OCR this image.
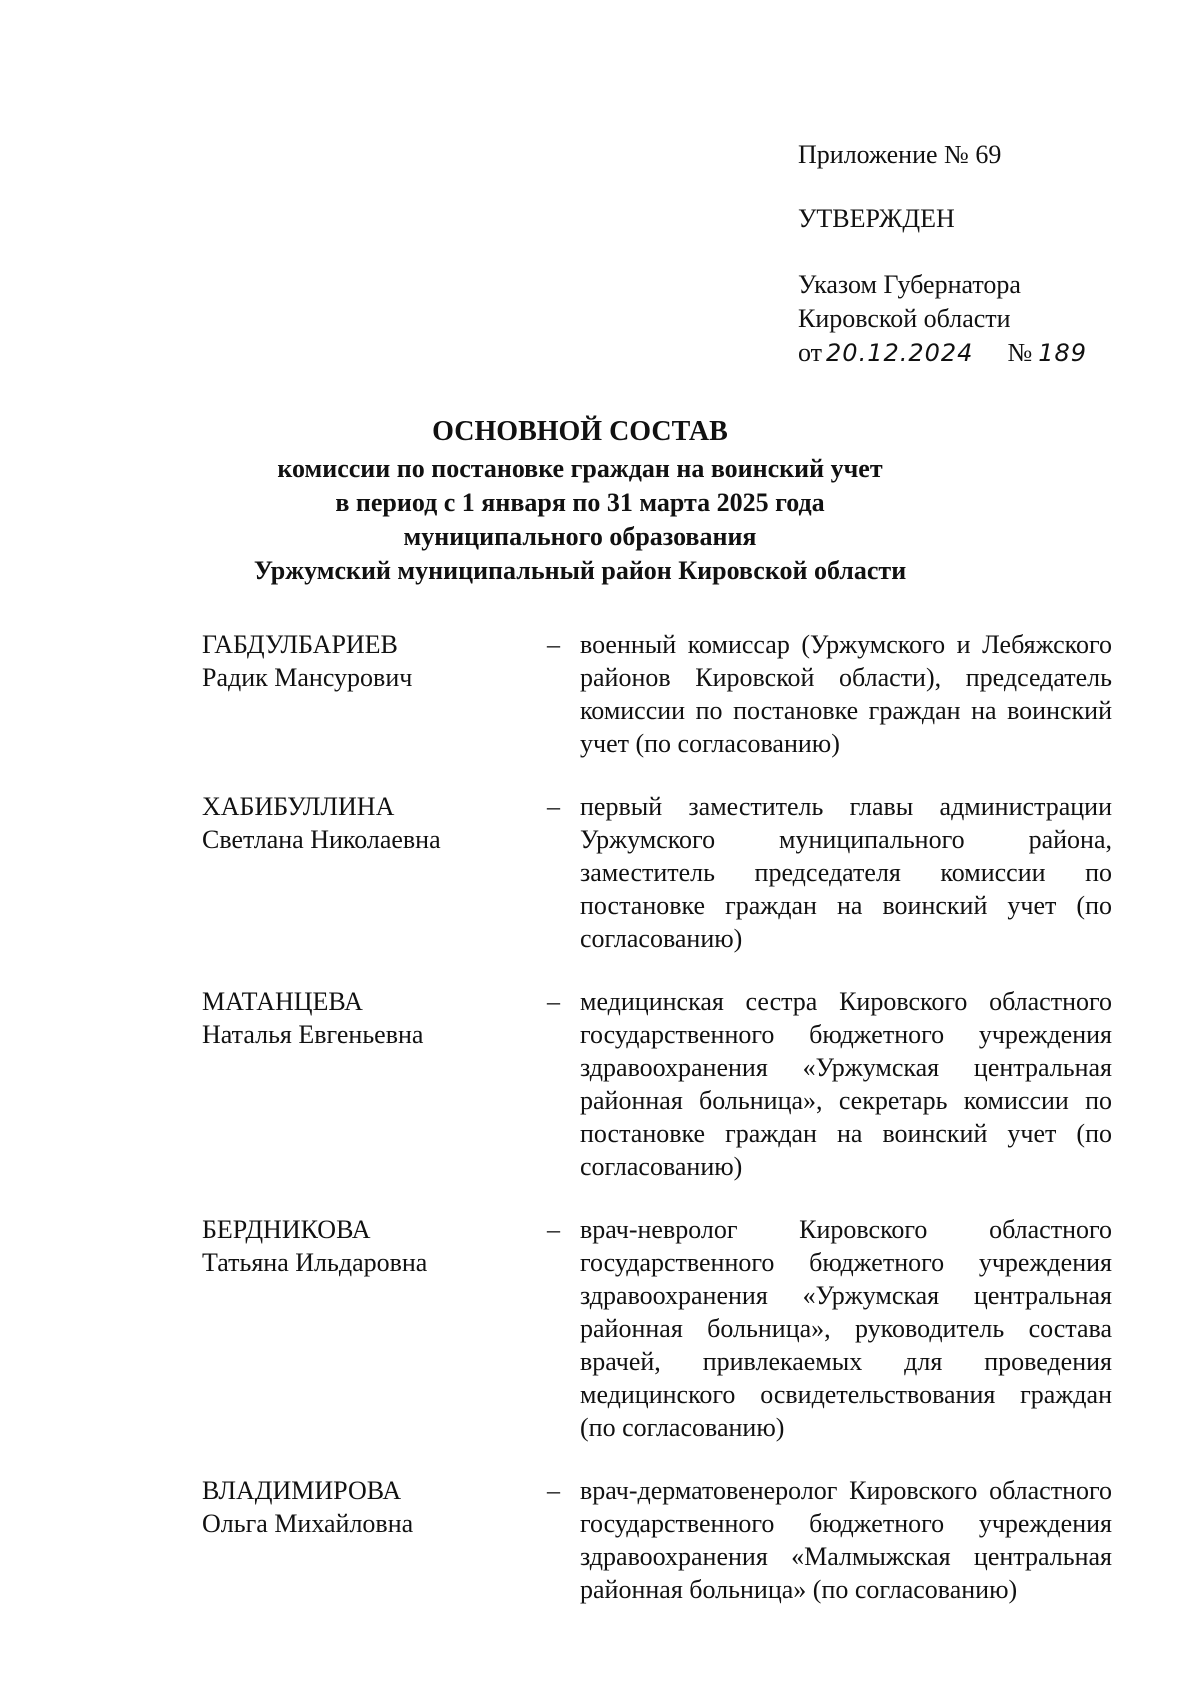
Приложение № 69
УТВЕРЖДЕН
Указом Губернатора
Кировской области
от 20.12.2024 № 189
ОСНОВНОЙ СОСТАВ
комиссии по постановке граждан на воинский учет
в период с 1 января по 31 марта 2025 года
муниципального образования
Уржумский муниципальный район Кировской области
ГАБДУЛБАРИЕВ
Радик Мансурович
– военный комиссар (Уржумского и Лебяжского районов Кировской области), председатель комиссии по постановке граждан на воинский учет (по согласованию)
ХАБИБУЛЛИНА
Светлана Николаевна
– первый заместитель главы администрации Уржумского муниципального района, заместитель председателя комиссии по постановке граждан на воинский учет (по согласованию)
МАТАНЦЕВА
Наталья Евгеньевна
– медицинская сестра Кировского областного государственного бюджетного учреждения здравоохранения «Уржумская центральная районная больница», секретарь комиссии по постановке граждан на воинский учет (по согласованию)
БЕРДНИКОВА
Татьяна Ильдаровна
– врач-невролог Кировского областного государственного бюджетного учреждения здравоохранения «Уржумская центральная районная больница», руководитель состава врачей, привлекаемых для проведения медицинского освидетельствования граждан (по согласованию)
ВЛАДИМИРОВА
Ольга Михайловна
– врач-дерматовенеролог Кировского областного государственного бюджетного учреждения здравоохранения «Малмыжская центральная районная больница» (по согласованию)
